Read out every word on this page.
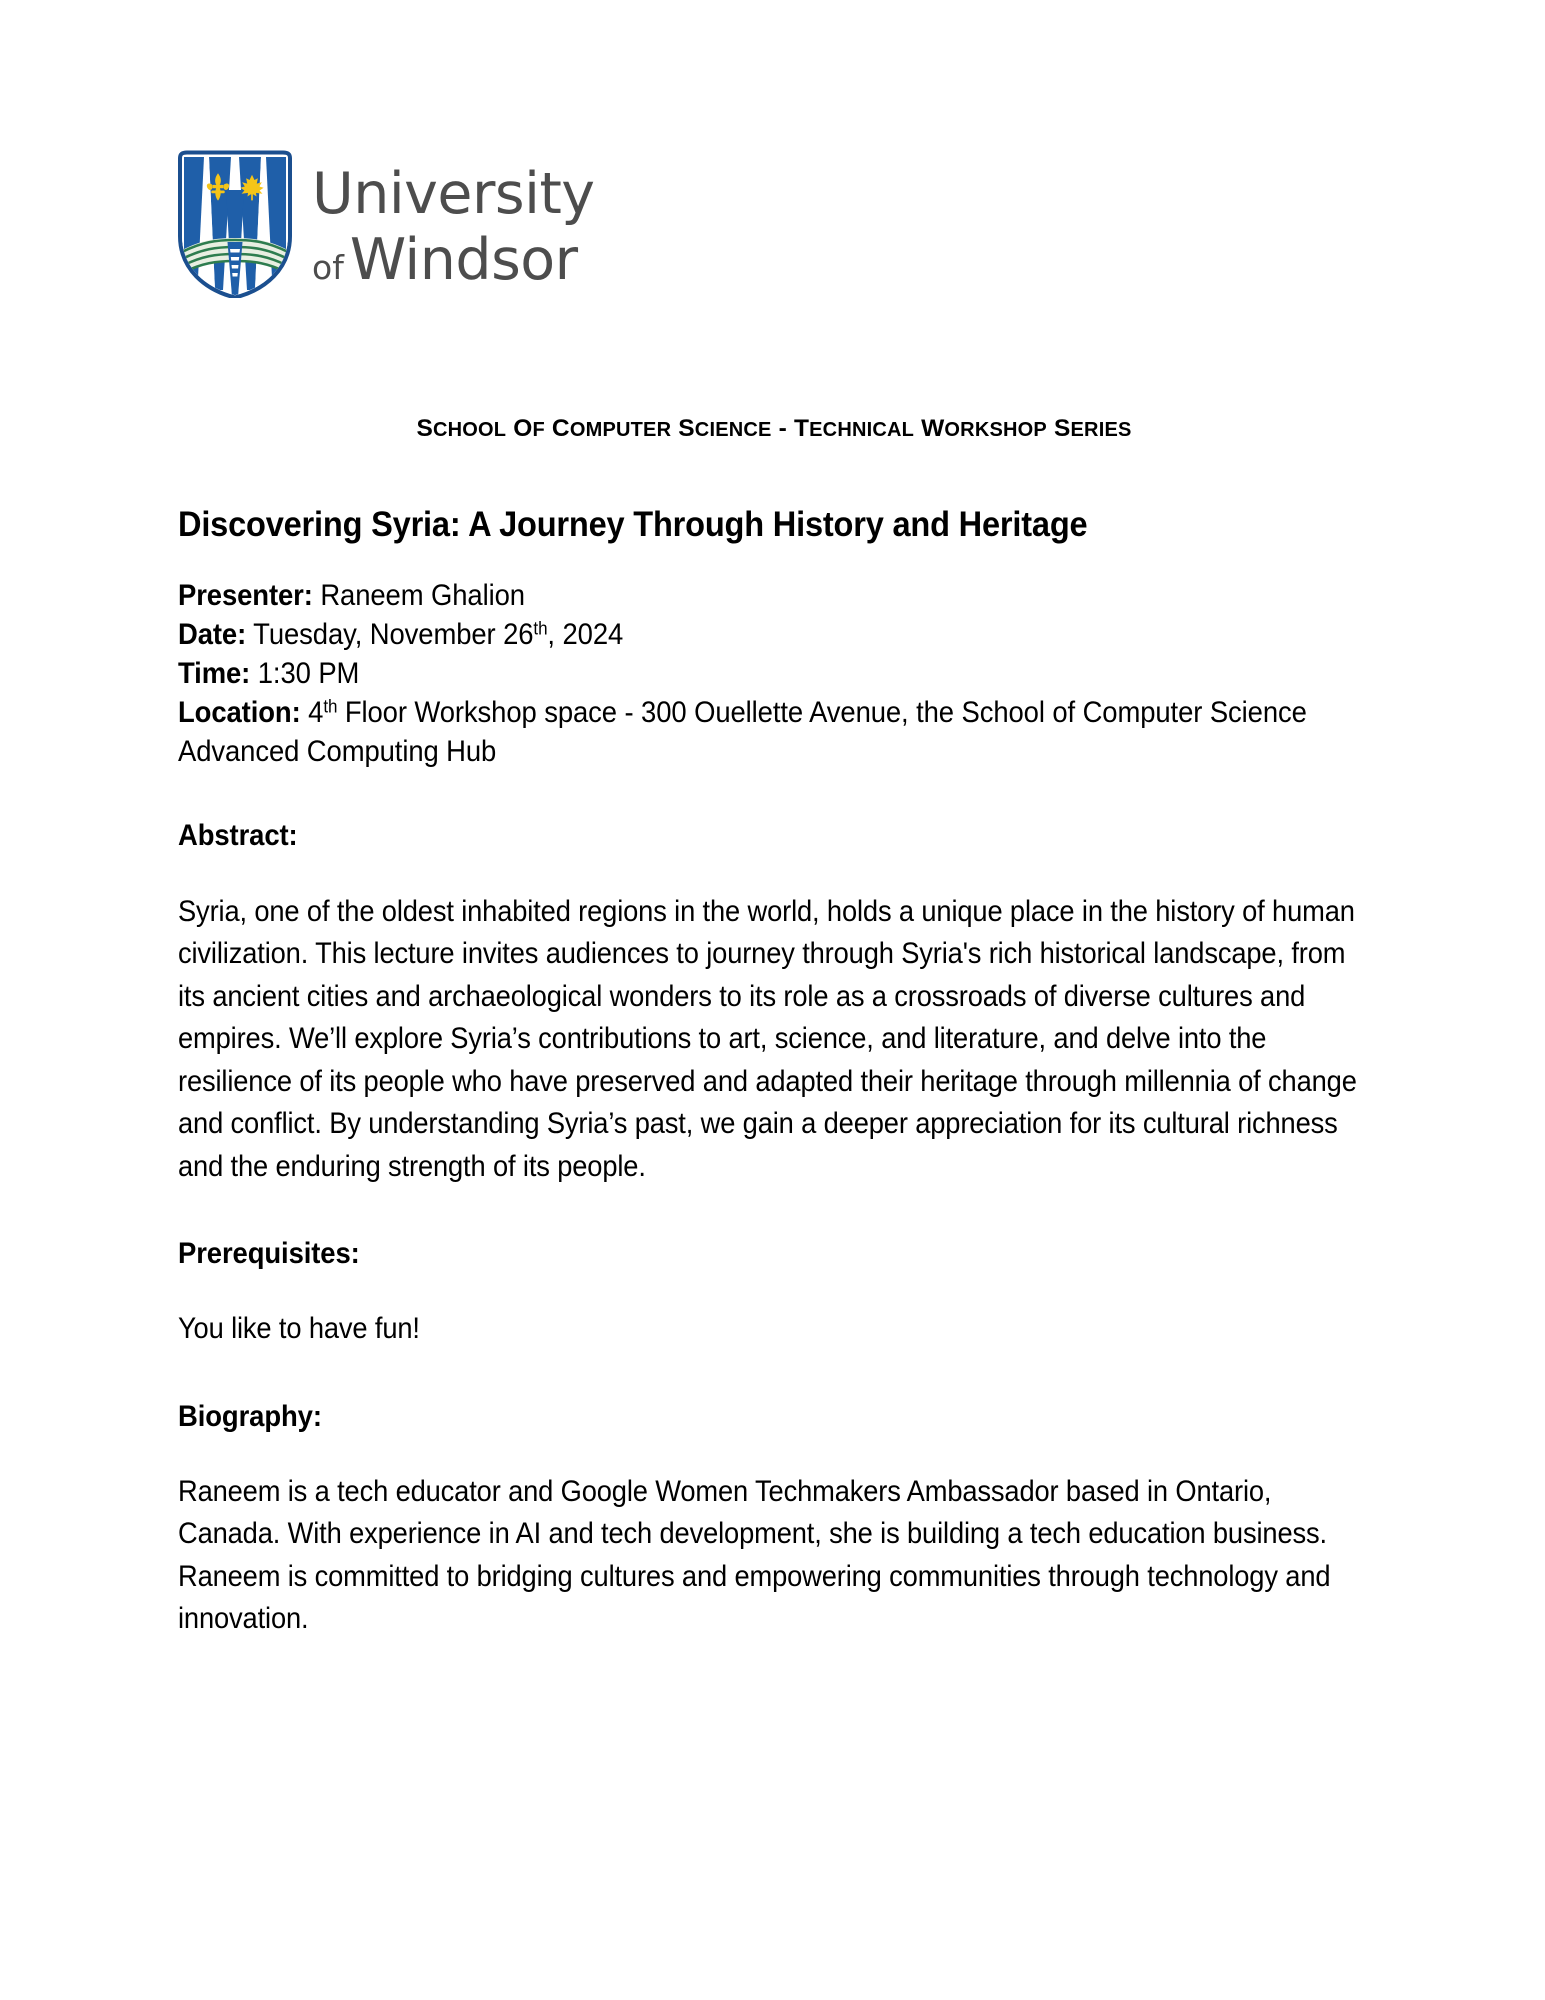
University
of Windsor
SCHOOL OF COMPUTER SCIENCE - TECHNICAL WORKSHOP SERIES
Discovering Syria: A Journey Through History and Heritage
Presenter: Raneem Ghalion
Date: Tuesday, November 26th, 2024
Time: 1:30 PM
Location: 4th Floor Workshop space - 300 Ouellette Avenue, the School of Computer Science Advanced Computing Hub
Abstract:

Syria, one of the oldest inhabited regions in the world, holds a unique place in the history of human civilization. This lecture invites audiences to journey through Syria's rich historical landscape, from its ancient cities and archaeological wonders to its role as a crossroads of diverse cultures and empires. We’ll explore Syria’s contributions to art, science, and literature, and delve into the resilience of its people who have preserved and adapted their heritage through millennia of change and conflict. By understanding Syria’s past, we gain a deeper appreciation for its cultural richness and the enduring strength of its people.

Prerequisites:

You like to have fun!

Biography:

Raneem is a tech educator and Google Women Techmakers Ambassador based in Ontario, Canada. With experience in AI and tech development, she is building a tech education business. Raneem is committed to bridging cultures and empowering communities through technology and innovation.
